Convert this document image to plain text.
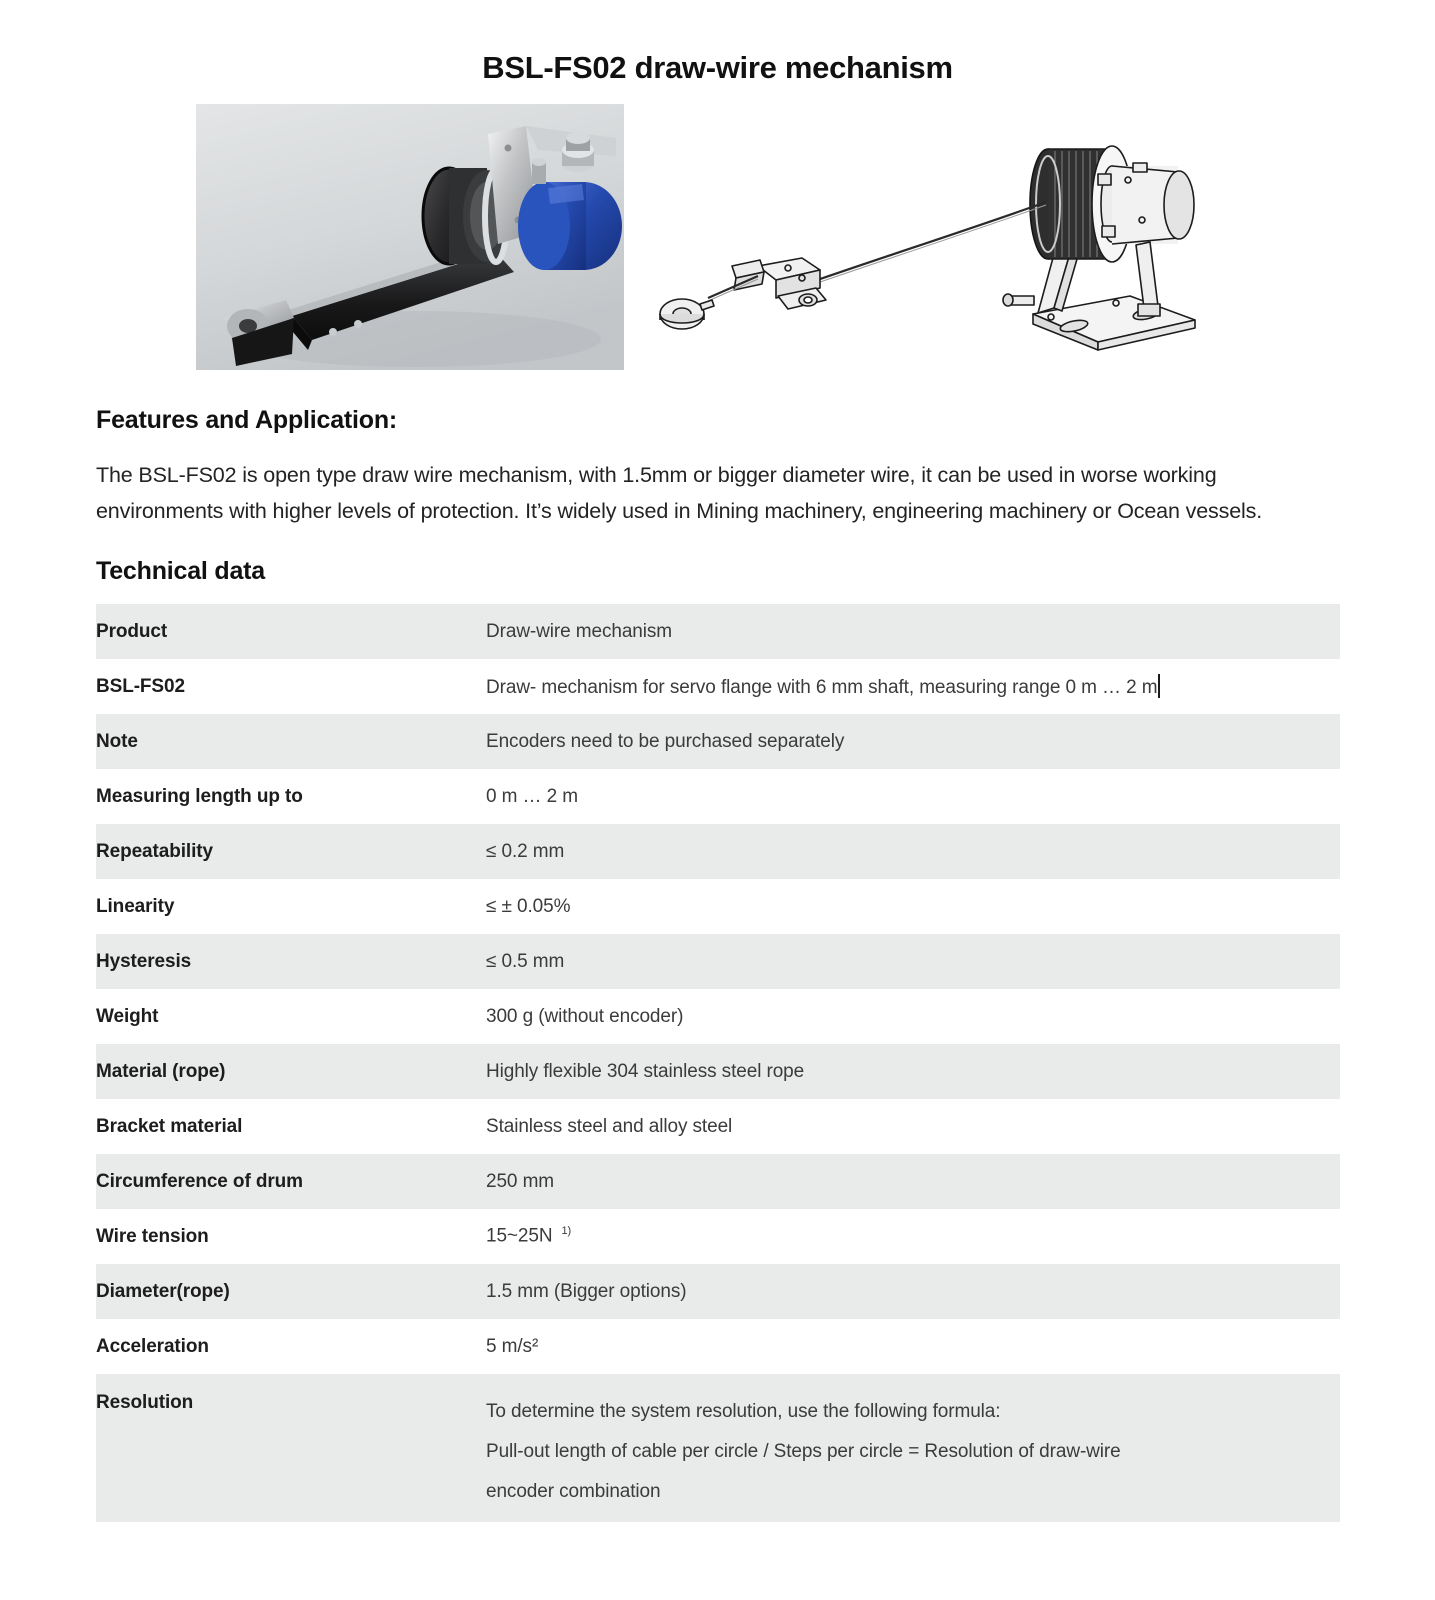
BSL-FS02 draw-wire mechanism
Features and Application:

The BSL-FS02 is open type draw wire mechanism, with 1.5mm or bigger diameter wire, it can be used in worse working environments with higher levels of protection. It’s widely used in Mining machinery, engineering machinery or Ocean vessels.

Technical data
Product	Draw-wire mechanism
BSL-FS02	Draw- mechanism for servo flange with 6 mm shaft, measuring range 0 m … 2 m
Note	Encoders need to be purchased separately
Measuring length up to	0 m … 2 m
Repeatability	≤ 0.2 mm
Linearity	≤ ± 0.05%
Hysteresis	≤ 0.5 mm
Weight	300 g (without encoder)
Material (rope)	Highly flexible 304 stainless steel rope
Bracket material	Stainless steel and alloy steel
Circumference of drum	250 mm
Wire tension	15~25N $^{1)}$
Diameter(rope)	1.5 mm (Bigger options)
Acceleration	5 m/s²
Resolution	To determine the system resolution, use the following formula:
Pull-out length of cable per circle / Steps per circle = Resolution of draw-wire
encoder combination
